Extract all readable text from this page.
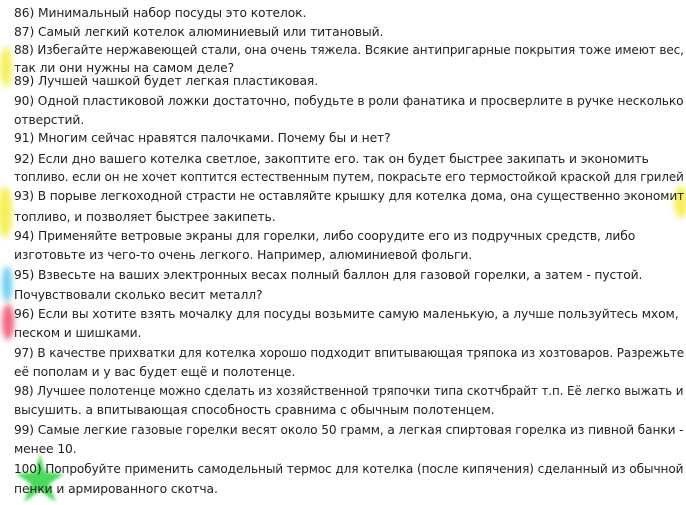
86) Минимальный набор посуды это котелок.
87) Самый легкий котелок алюминиевый или титановый.
88) Избегайте нержавеющей стали, она очень тяжела. Всякие антипригарные покрытия тоже имеют вес,
так ли они нужны на самом деле?
89) Лучшей чашкой будет легкая пластиковая.
90) Одной пластиковой ложки достаточно, побудьте в роли фанатика и просверлите в ручке несколько
отверстий.
91) Многим сейчас нравятся палочками. Почему бы и нет?
92) Если дно вашего котелка светлое, закоптите его. так он будет быстрее закипать и экономить
топливо. если он не хочет коптится естественным путем, покрасьте его термостойкой краской для грилей
93) В порыве легкоходной страсти не оставляйте крышку для котелка дома, она существенно экономит
топливо, и позволяет быстрее закипеть.
94) Применяйте ветровые экраны для горелки, либо соорудите его из подручных средств, либо
изготовьте из чего-то очень легкого. Например, алюминиевой фольги.
95) Взвесьте на ваших электронных весах полный баллон для газовой горелки, а затем - пустой.
Почувствовали сколько весит металл?
96) Если вы хотите взять мочалку для посуды возьмите самую маленькую, а лучше пользуйтесь мхом,
песком и шишками.
97) В качестве прихватки для котелка хорошо подходит впитывающая тряпока из хозтоваров. Разрежьте
её пополам и у вас будет ещё и полотенце.
98) Лучшее полотенце можно сделать из хозяйственной тряпочки типа скотчбрайт т.п. Её легко выжать и
высушить. а впитывающая способность сравнима с обычным полотенцем.
99) Самые легкие газовые горелки весят около 50 грамм, а легкая спиртовая горелка из пивной банки -
менее 10.
100) Попробуйте применить самодельный термос для котелка (после кипячения) сделанный из обычной
пенки и армированного скотча.
